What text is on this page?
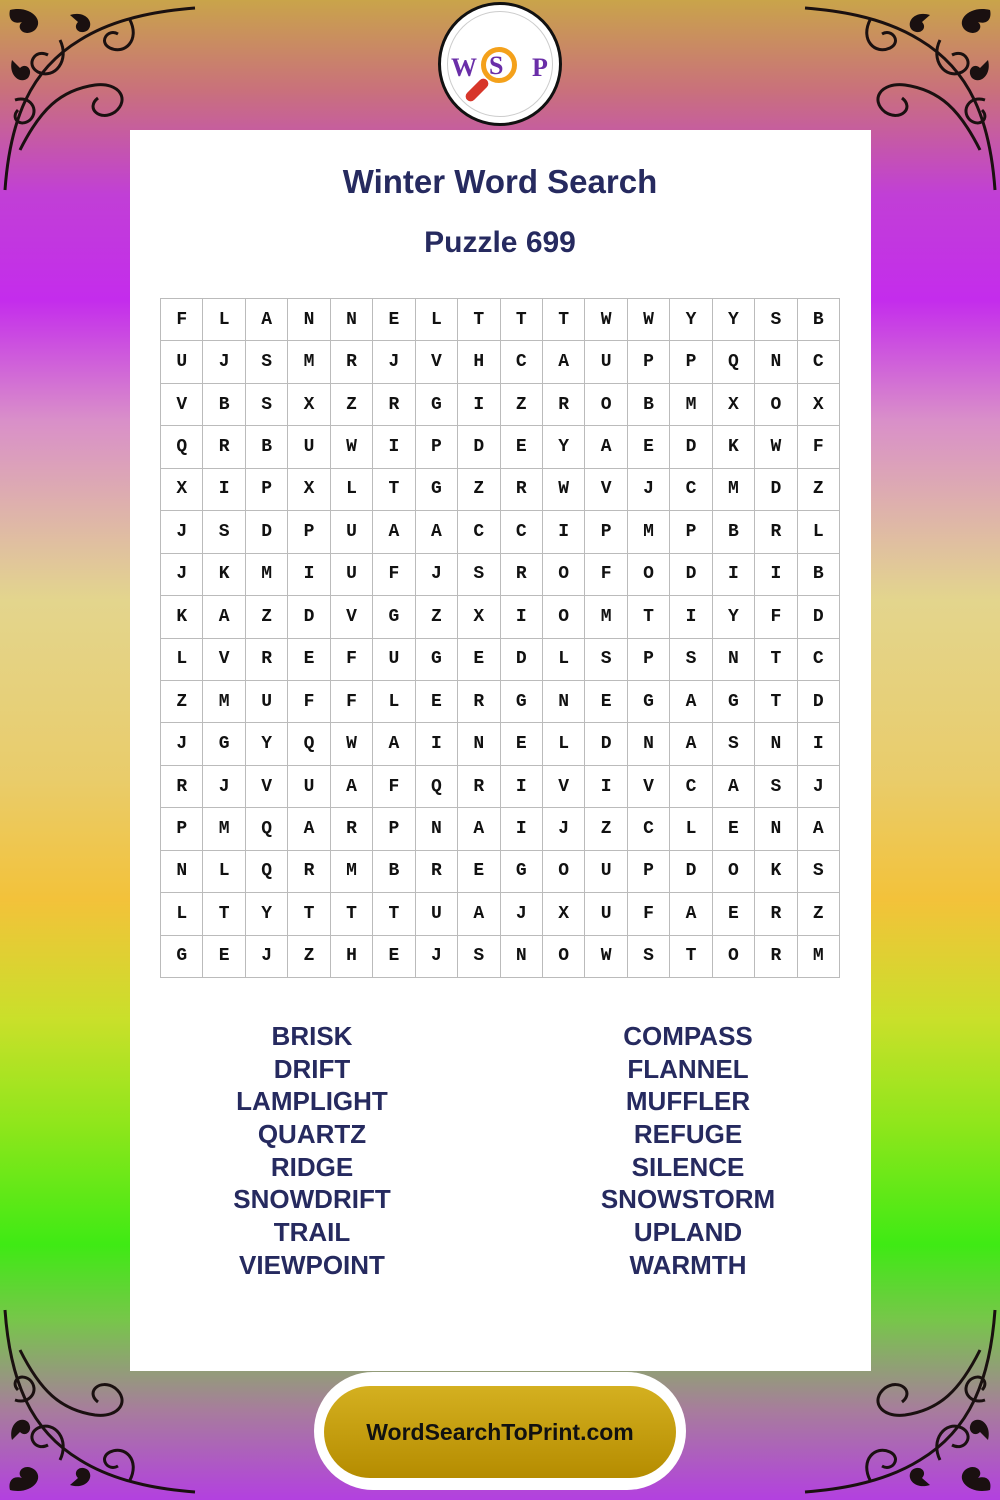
W S P
Winter Word Search
Puzzle 699
F	L	A	N	N	E	L	T	T	T	W	W	Y	Y	S	B
U	J	S	M	R	J	V	H	C	A	U	P	P	Q	N	C
V	B	S	X	Z	R	G	I	Z	R	O	B	M	X	O	X
Q	R	B	U	W	I	P	D	E	Y	A	E	D	K	W	F
X	I	P	X	L	T	G	Z	R	W	V	J	C	M	D	Z
J	S	D	P	U	A	A	C	C	I	P	M	P	B	R	L
J	K	M	I	U	F	J	S	R	O	F	O	D	I	I	B
K	A	Z	D	V	G	Z	X	I	O	M	T	I	Y	F	D
L	V	R	E	F	U	G	E	D	L	S	P	S	N	T	C
Z	M	U	F	F	L	E	R	G	N	E	G	A	G	T	D
J	G	Y	Q	W	A	I	N	E	L	D	N	A	S	N	I
R	J	V	U	A	F	Q	R	I	V	I	V	C	A	S	J
P	M	Q	A	R	P	N	A	I	J	Z	C	L	E	N	A
N	L	Q	R	M	B	R	E	G	O	U	P	D	O	K	S
L	T	Y	T	T	T	U	A	J	X	U	F	A	E	R	Z
G	E	J	Z	H	E	J	S	N	O	W	S	T	O	R	M
BRISK
DRIFT
LAMPLIGHT
QUARTZ
RIDGE
SNOWDRIFT
TRAIL
VIEWPOINT
COMPASS
FLANNEL
MUFFLER
REFUGE
SILENCE
SNOWSTORM
UPLAND
WARMTH
WordSearchToPrint.com
